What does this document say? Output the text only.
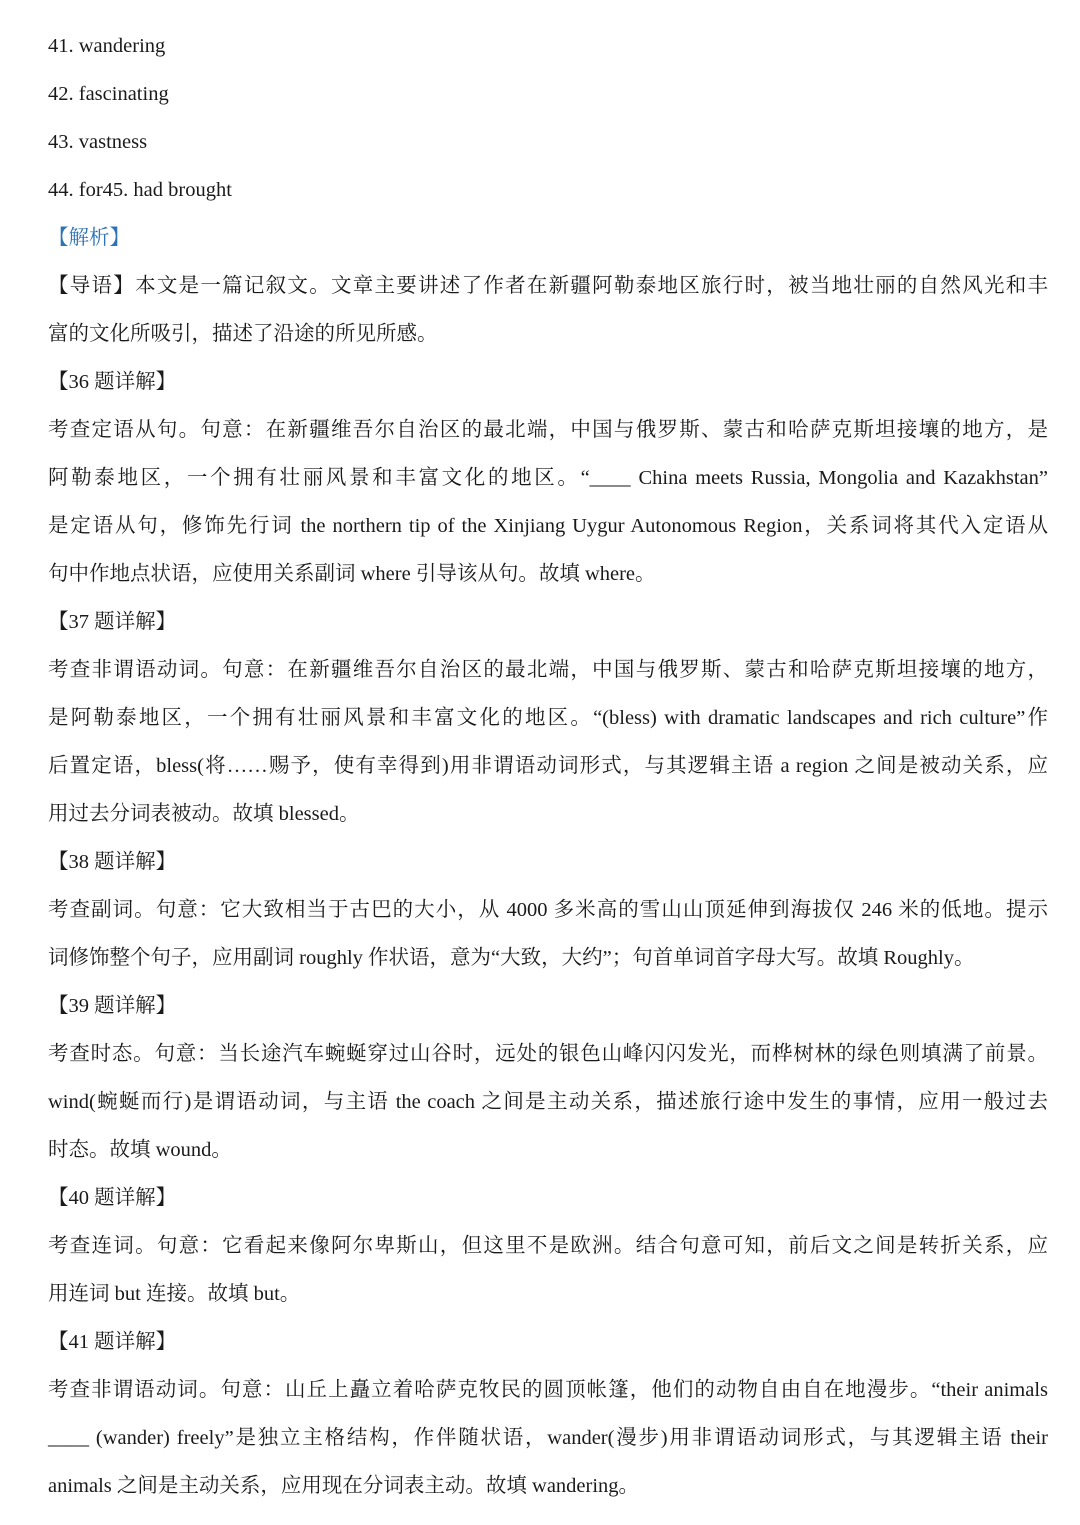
41. wandering
42. fascinating
43. vastness
44. for45. had brought
【解析】
【导语】本文是一篇记叙文。文章主要讲述了作者在新疆阿勒泰地区旅行时，被当地壮丽的自然风光和丰
富的文化所吸引，描述了沿途的所见所感。
【36 题详解】
考查定语从句。句意：在新疆维吾尔自治区的最北端，中国与俄罗斯、蒙古和哈萨克斯坦接壤的地方，是
阿勒泰地区，一个拥有壮丽风景和丰富文化的地区。“____ China meets Russia, Mongolia and Kazakhstan”
是定语从句，修饰先行词 the northern tip of the Xinjiang Uygur Autonomous Region，关系词将其代入定语从
句中作地点状语，应使用关系副词 where 引导该从句。故填 where。
【37 题详解】
考查非谓语动词。句意：在新疆维吾尔自治区的最北端，中国与俄罗斯、蒙古和哈萨克斯坦接壤的地方，
是阿勒泰地区，一个拥有壮丽风景和丰富文化的地区。“(bless) with dramatic landscapes and rich culture”作
后置定语，bless(将……赐予，使有幸得到)用非谓语动词形式，与其逻辑主语 a region 之间是被动关系，应
用过去分词表被动。故填 blessed。
【38 题详解】
考查副词。句意：它大致相当于古巴的大小，从 4000 多米高的雪山山顶延伸到海拔仅 246 米的低地。提示
词修饰整个句子，应用副词 roughly 作状语，意为“大致，大约”；句首单词首字母大写。故填 Roughly。
【39 题详解】
考查时态。句意：当长途汽车蜿蜒穿过山谷时，远处的银色山峰闪闪发光，而桦树林的绿色则填满了前景。
wind(蜿蜒而行)是谓语动词，与主语 the coach 之间是主动关系，描述旅行途中发生的事情，应用一般过去
时态。故填 wound。
【40 题详解】
考查连词。句意：它看起来像阿尔卑斯山，但这里不是欧洲。结合句意可知，前后文之间是转折关系，应
用连词 but 连接。故填 but。
【41 题详解】
考查非谓语动词。句意：山丘上矗立着哈萨克牧民的圆顶帐篷，他们的动物自由自在地漫步。“their animals
____ (wander) freely”是独立主格结构，作伴随状语，wander(漫步)用非谓语动词形式，与其逻辑主语 their
animals 之间是主动关系，应用现在分词表主动。故填 wandering。
